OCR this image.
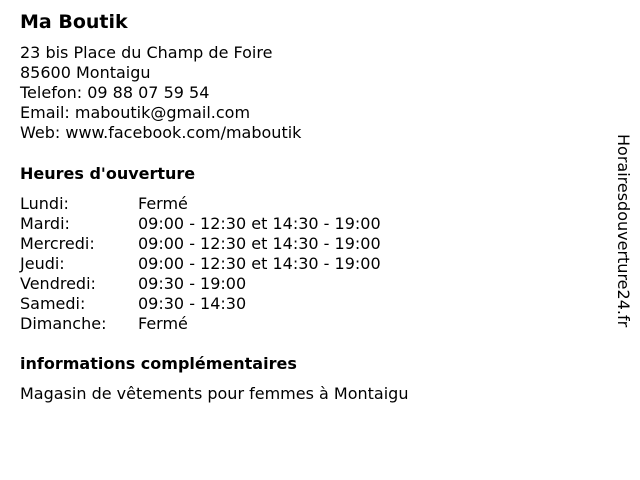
Ma Boutik
23 bis Place du Champ de Foire
85600 Montaigu
Telefon: 09 88 07 59 54
Email: maboutik@gmail.com
Web: www.facebook.com/maboutik
Heures d'ouverture
Lundi:	Fermé
Mardi:	09:00 - 12:30 et 14:30 - 19:00
Mercredi:	09:00 - 12:30 et 14:30 - 19:00
Jeudi:	09:00 - 12:30 et 14:30 - 19:00
Vendredi:	09:30 - 19:00
Samedi:	09:30 - 14:30
Dimanche: Fermé
informations complémentaires
Magasin de vêtements pour femmes à Montaigu
Horairesdouverture24.fr
